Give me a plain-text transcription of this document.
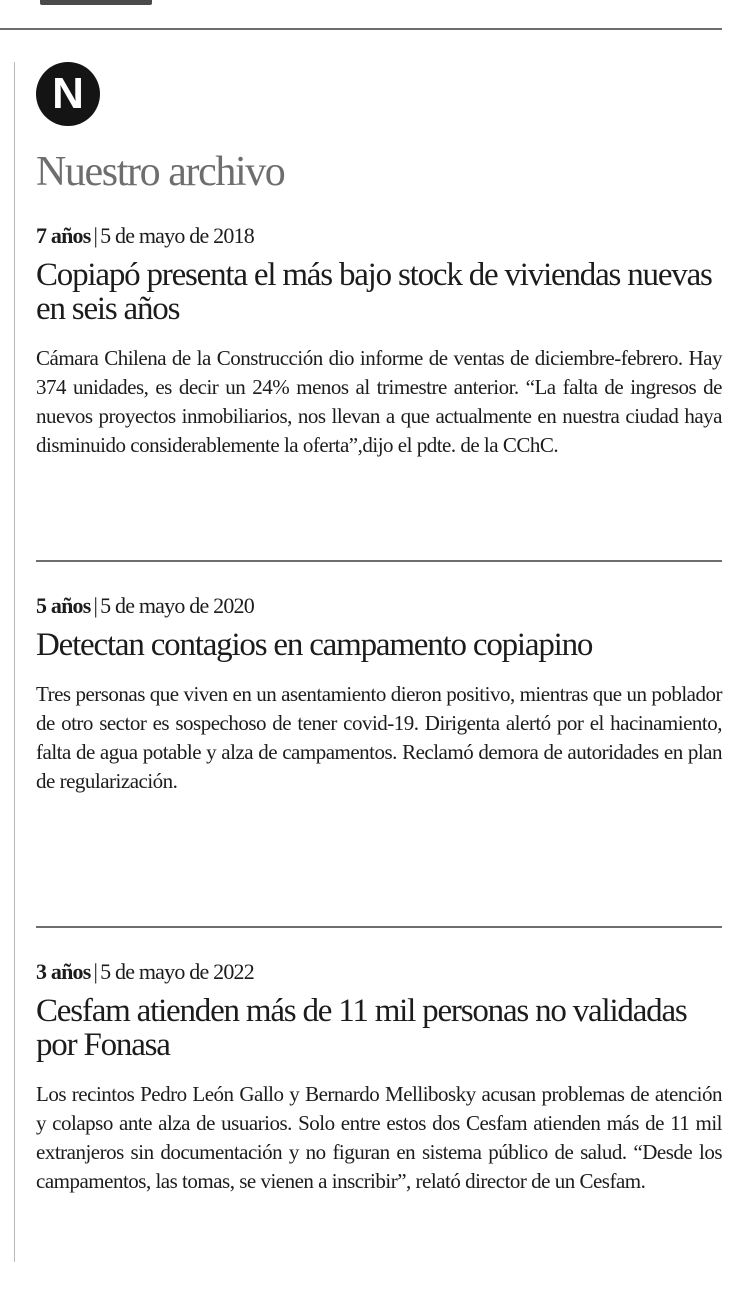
N
Nuestro archivo
7 años | 5 de mayo de 2018
Copiapó presenta el más bajo stock de viviendas nuevas en seis años

Cámara Chilena de la Construcción dio informe de ventas de diciembre-febrero. Hay 374 unidades, es decir un 24% menos al trimestre anterior. “La falta de ingresos de nuevos proyectos inmobiliarios, nos llevan a que actualmente en nuestra ciudad haya disminuido considerablemente la oferta”,dijo el pdte. de la CChC.

5 años | 5 de mayo de 2020
Detectan contagios en campamento copiapino

Tres personas que viven en un asentamiento dieron positivo, mientras que un poblador de otro sector es sospechoso de tener covid-19. Dirigenta alertó por el hacinamiento, falta de agua potable y alza de campamentos. Reclamó demora de autoridades en plan de regularización.

3 años | 5 de mayo de 2022
Cesfam atienden más de 11 mil personas no validadas por Fonasa

Los recintos Pedro León Gallo y Bernardo Mellibosky acusan problemas de atención y colapso ante alza de usuarios. Solo entre estos dos Cesfam atienden más de 11 mil extranjeros sin documentación y no figuran en sistema público de salud. “Desde los campamentos, las tomas, se vienen a inscribir”, relató director de un Cesfam.
